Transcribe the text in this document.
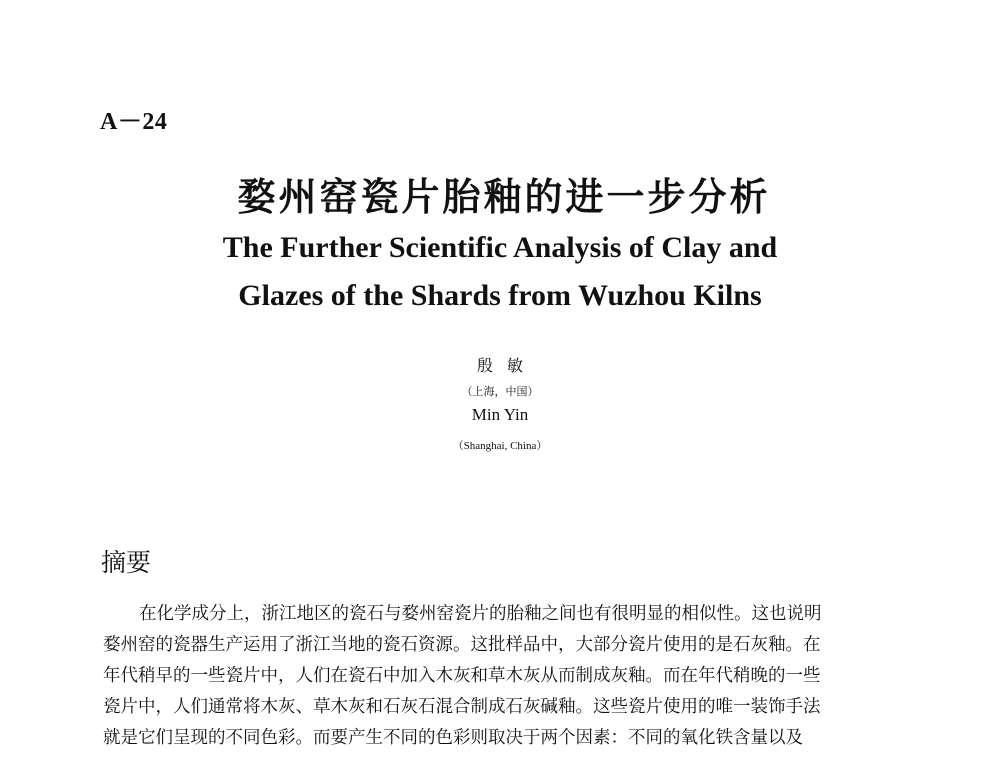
A－24
婺州窑瓷片胎釉的进一步分析
The Further Scientific Analysis of Clay and
Glazes of the Shards from Wuzhou Kilns
殷敏
（上海，中国）
Min Yin
（Shanghai, China）
摘要
在化学成分上，浙江地区的瓷石与婺州窑瓷片的胎釉之间也有很明显的相似性。这也说明
婺州窑的瓷器生产运用了浙江当地的瓷石资源。这批样品中，大部分瓷片使用的是石灰釉。在
年代稍早的一些瓷片中，人们在瓷石中加入木灰和草木灰从而制成灰釉。而在年代稍晚的一些
瓷片中，人们通常将木灰、草木灰和石灰石混合制成石灰碱釉。这些瓷片使用的唯一装饰手法
就是它们呈现的不同色彩。而要产生不同的色彩则取决于两个因素：不同的氧化铁含量以及
